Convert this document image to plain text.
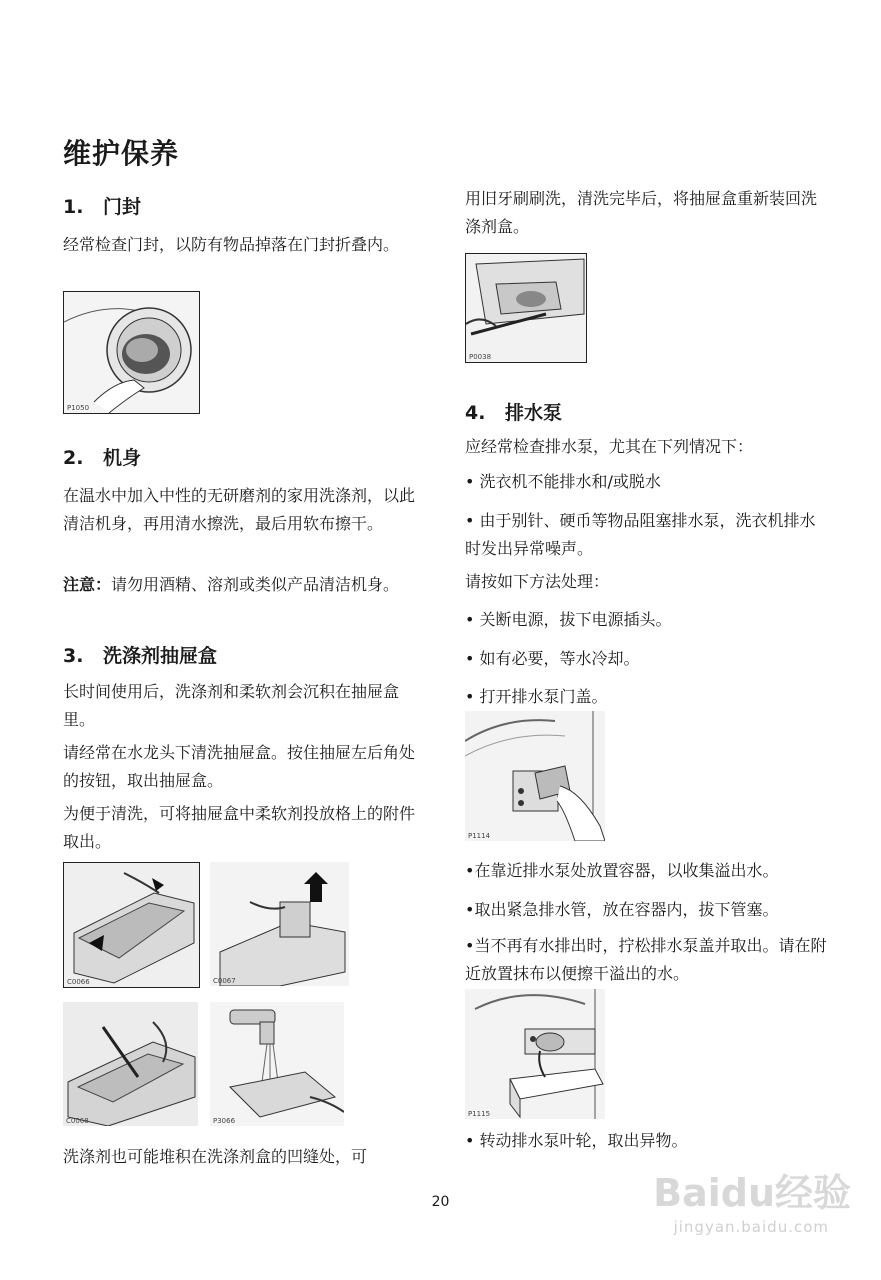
维护保养
1. 门封
经常检查门封，以防有物品掉落在门封折叠内。
P1050
2. 机身
在温水中加入中性的无研磨剂的家用洗涤剂，以此清洁机身，再用清水擦洗，最后用软布擦干。
注意：请勿用酒精、溶剂或类似产品清洁机身。
3. 洗涤剂抽屉盒
长时间使用后，洗涤剂和柔软剂会沉积在抽屉盒里。
请经常在水龙头下清洗抽屉盒。按住抽屉左后角处的按钮，取出抽屉盒。
为便于清洗，可将抽屉盒中柔软剂投放格上的附件取出。
C0066	C0067
C0068	P3066
洗涤剂也可能堆积在洗涤剂盒的凹缝处，可
用旧牙刷刷洗，清洗完毕后，将抽屉盒重新装回洗涤剂盒。
P0038
4. 排水泵
应经常检查排水泵，尤其在下列情况下：
• 洗衣机不能排水和/或脱水
• 由于别针、硬币等物品阻塞排水泵，洗衣机排水时发出异常噪声。
请按如下方法处理：
• 关断电源，拔下电源插头。
• 如有必要，等水冷却。
• 打开排水泵门盖。
P1114
•在靠近排水泵处放置容器，以收集溢出水。
•取出紧急排水管，放在容器内，拔下管塞。
•当不再有水排出时，拧松排水泵盖并取出。请在附近放置抹布以便擦干溢出的水。
P1115
• 转动排水泵叶轮，取出异物。
20	Baidu经验
jingyan.baidu.com
